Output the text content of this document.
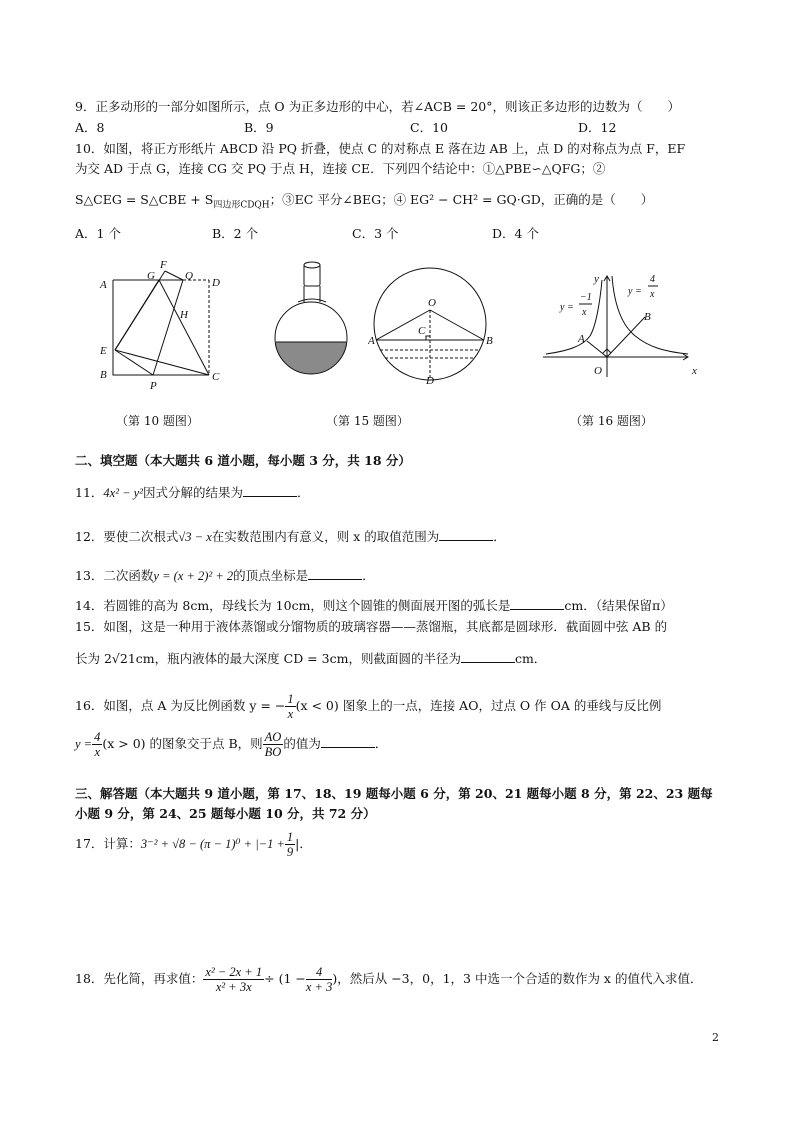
9．正多动形的一部分如图所示，点 O 为正多边形的中心，若∠ACB = 20°，则该正多边形的边数为（　　）
A．8	B．9	C．10	D．12
10．如图，将正方形纸片 ABCD 沿 PQ 折叠，使点 C 的对称点 E 落在边 AB 上，点 D 的对称点为点 F，EF
为交 AD 于点 G，连接 CG 交 PQ 于点 H，连接 CE．下列四个结论中：①△PBE∽△QFG；②
S△CEG = S△CBE + $S_{四边形CDQH}$；③EC 平分∠BEG；④ EG² − CH² = GQ·GD，正确的是（　　）
A．1 个	B．2 个	C．3 个	D．4 个
A
G
F
Q
D
H
E
B
P
C
O
C
A	B
D
y
x
O
A
B
y =
−1
x
y =
4
x
（第 10 题图）	（第 15 题图）	（第 16 题图）
二、填空题（本大题共 6 道小题，每小题 3 分，共 18 分）
11．4x² − y²因式分解的结果为	．
12．要使二次根式√3 − x在实数范围内有意义，则 x 的取值范围为	．
13．二次函数y = (x + 2)² + 2的顶点坐标是	．
14．若圆锥的高为 8cm，母线长为 10cm，则这个圆锥的侧面展开图的弧长是	cm．（结果保留π）
15．如图，这是一种用于液体蒸馏或分馏物质的玻璃容器——蒸馏瓶，其底都是圆球形．截面圆中弦 AB 的
长为 2√21cm，瓶内液体的最大深度 CD = 3cm，则截面圆的半径为	cm．
16．如图，点 A 为反比例函数 y = − $\frac{1}{x} (x < 0)$ 图象上的一点，连接 AO，过点 O 作 OA 的垂线与反比例
$y = \frac{4}{x} (x > 0)$ 的图象交于点 B，则 $\frac{AO}{BO}$ 的值为	．
三、解答题（本大题共 9 道小题，第 17、18、19 题每小题 6 分，第 20、21 题每小题 8 分，第 22、23 题每
小题 9 分，第 24、25 题每小题 10 分，共 72 分）
17．计算：$3^{-2} + √8 - (\pi - 1)^0 + |-1 + \frac{1}{9}$ |．
18．先化简，再求值： $\frac{\text{x² − 2x + 1}}{\text{x² + 3x}} \div (1 - \frac{4}{x + 3}$ )，然后从 −3，0，1，3 中选一个合适的数作为 x 的值代入求值．
2
